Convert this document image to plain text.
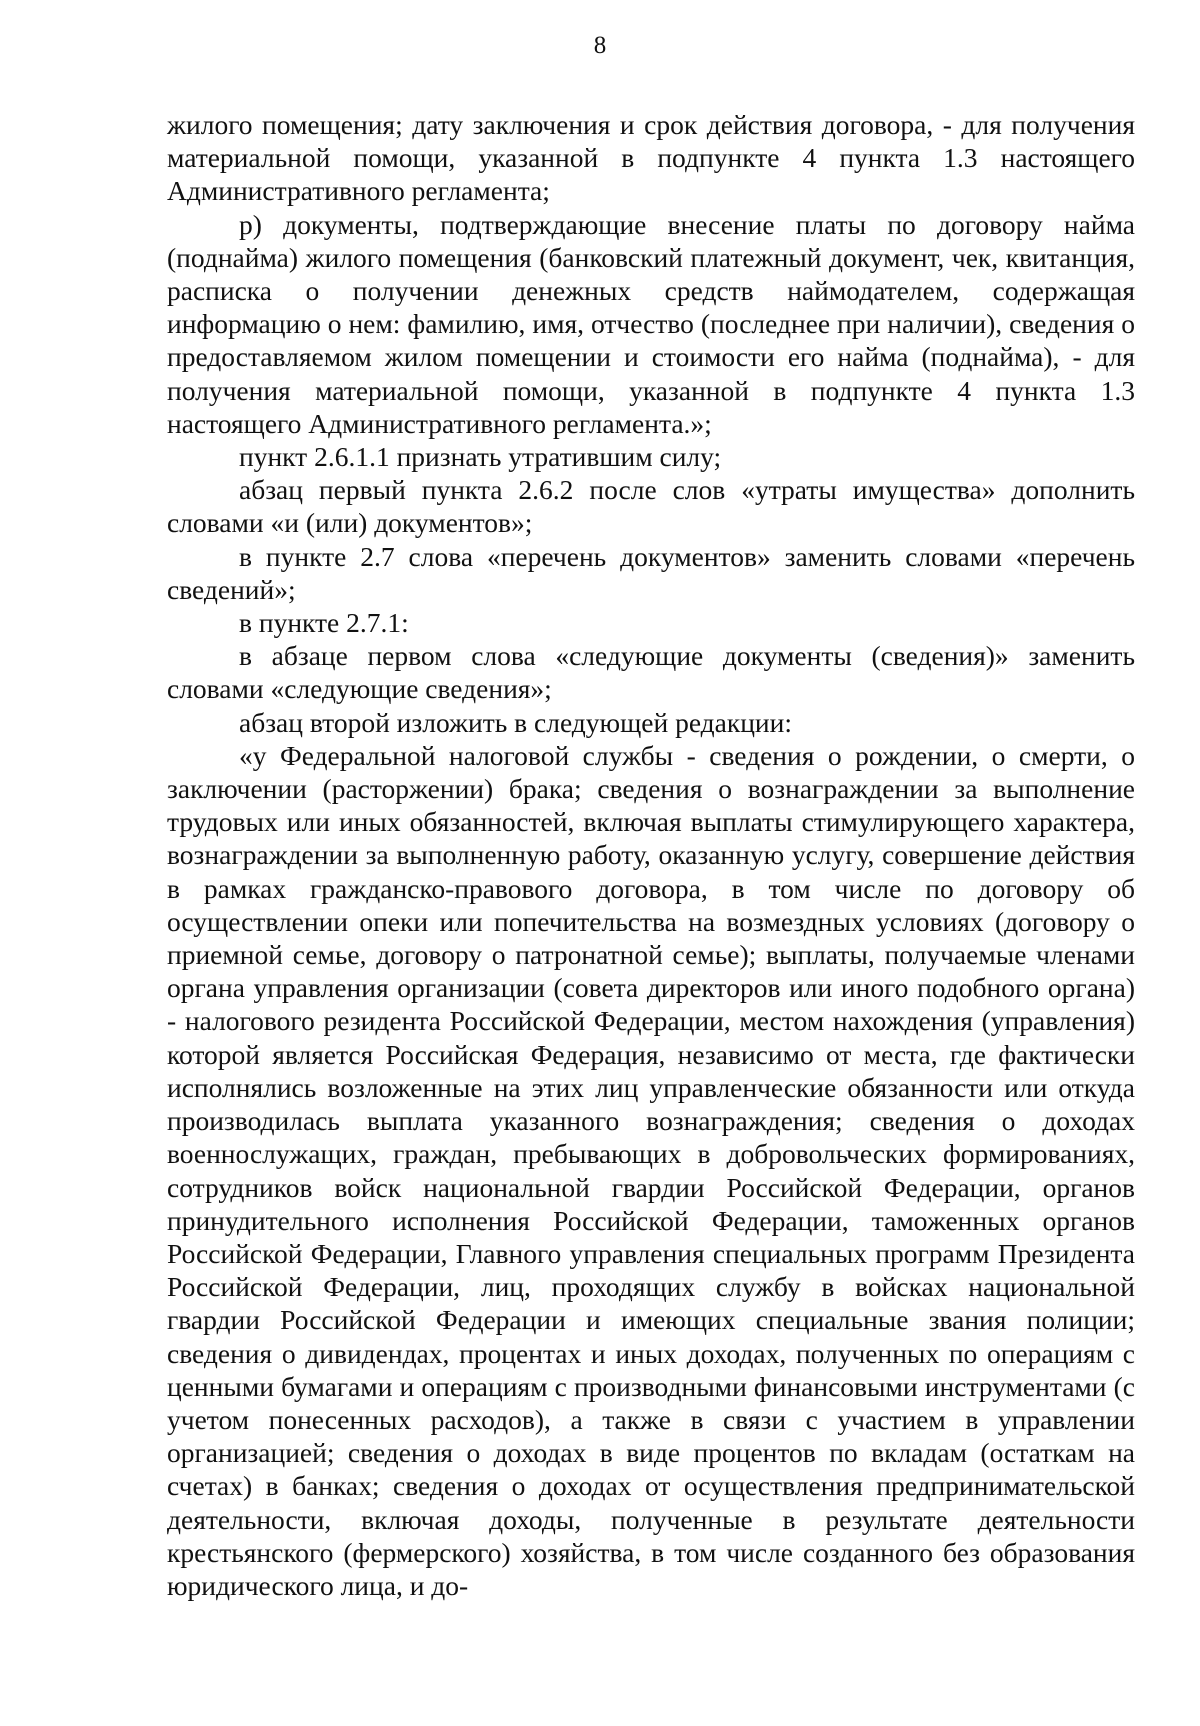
8

жилого помещения; дату заключения и срок действия договора, - для получения материальной помощи, указанной в подпункте 4 пункта 1.3 настоящего Административного регламента;

р) документы, подтверждающие внесение платы по договору найма (поднайма) жилого помещения (банковский платежный документ, чек, квитанция, расписка о получении денежных средств наймодателем, содержащая информацию о нем: фамилию, имя, отчество (последнее при наличии), сведения о предоставляемом жилом помещении и стоимости его найма (поднайма), - для получения материальной помощи, указанной в подпункте 4 пункта 1.3 настоящего Административного регламента.»;

пункт 2.6.1.1 признать утратившим силу;

абзац первый пункта 2.6.2 после слов «утраты имущества» дополнить словами «и (или) документов»;

в пункте 2.7 слова «перечень документов» заменить словами «перечень сведений»;

в пункте 2.7.1:

в абзаце первом слова «следующие документы (сведения)» заменить словами «следующие сведения»;

абзац второй изложить в следующей редакции:

«у Федеральной налоговой службы - сведения о рождении, о смерти, о заключении (расторжении) брака; сведения о вознаграждении за выполнение трудовых или иных обязанностей, включая выплаты стимулирующего характера, вознаграждении за выполненную работу, оказанную услугу, совершение действия в рамках гражданско-правового договора, в том числе по договору об осуществлении опеки или попечительства на возмездных условиях (договору о приемной семье, договору о патронатной семье); выплаты, получаемые членами органа управления организации (совета директоров или иного подобного органа) - налогового резидента Российской Федерации, местом нахождения (управления) которой является Российская Федерация, независимо от места, где фактически исполнялись возложенные на этих лиц управленческие обязанности или откуда производилась выплата указанного вознаграждения; сведения о доходах военнослужащих, граждан, пребывающих в добровольческих формированиях, сотрудников войск национальной гвардии Российской Федерации, органов принудительного исполнения Российской Федерации, таможенных органов Российской Федерации, Главного управления специальных программ Президента Российской Федерации, лиц, проходящих службу в войсках национальной гвардии Российской Федерации и имеющих специальные звания полиции; сведения о дивидендах, процентах и иных доходах, полученных по операциям с ценными бумагами и операциям с производными финансовыми инструментами (с учетом понесенных расходов), а также в связи с участием в управлении организацией; сведения о доходах в виде процентов по вкладам (остаткам на счетах) в банках; сведения о доходах от осуществления предпринимательской деятельности, включая доходы, полученные в результате деятельности крестьянского (фермерского) хозяйства, в том числе созданного без образования юридического лица, и до-
